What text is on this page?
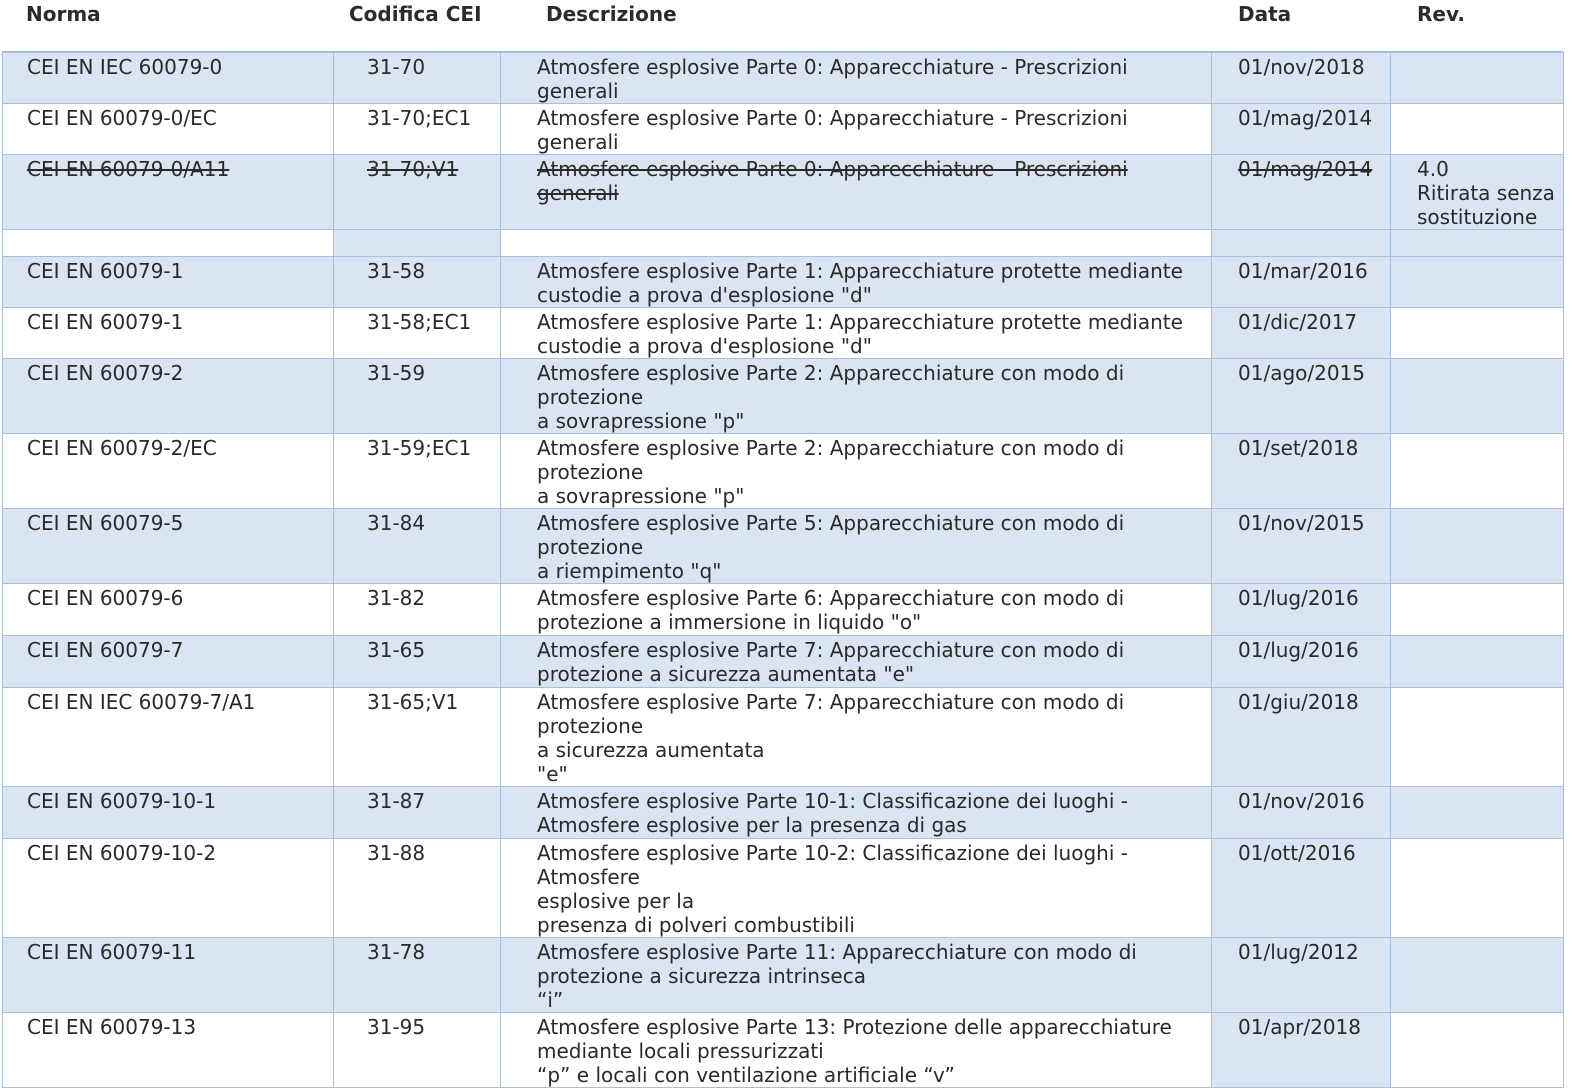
Norma	Codifica CEI	Descrizione	Data	Rev.
CEI EN IEC 60079-0	31-70	Atmosfere esplosive Parte 0: Apparecchiature - Prescrizioni generali	01/nov/2018	

CEI EN 60079-0/EC	31-70;EC1	Atmosfere esplosive Parte 0: Apparecchiature - Prescrizioni generali	01/mag/2014	

CEI EN 60079-0/A11	31-70;V1	Atmosfere esplosive Parte 0: Apparecchiature - Prescrizioni generali	01/mag/2014	4.0
Ritirata senza
sostituzione

CEI EN 60079-1	31-58	Atmosfere esplosive Parte 1: Apparecchiature protette mediante
custodie a prova d'esplosione "d"	01/mar/2016	

CEI EN 60079-1	31-58;EC1	Atmosfere esplosive Parte 1: Apparecchiature protette mediante
custodie a prova d'esplosione "d"	01/dic/2017	

CEI EN 60079-2	31-59	Atmosfere esplosive Parte 2: Apparecchiature con modo di protezione
a sovrapressione "p"	01/ago/2015	

CEI EN 60079-2/EC	31-59;EC1	Atmosfere esplosive Parte 2: Apparecchiature con modo di protezione
a sovrapressione "p"	01/set/2018	

CEI EN 60079-5	31-84	Atmosfere esplosive Parte 5: Apparecchiature con modo di protezione
a riempimento "q"	01/nov/2015	

CEI EN 60079-6	31-82	Atmosfere esplosive Parte 6: Apparecchiature con modo di
protezione a immersione in liquido "o"	01/lug/2016	

CEI EN 60079-7	31-65	Atmosfere esplosive Parte 7: Apparecchiature con modo di
protezione a sicurezza aumentata "e"	01/lug/2016	

CEI EN IEC 60079-7/A1	31-65;V1	Atmosfere esplosive Parte 7: Apparecchiature con modo di protezione
a sicurezza aumentata
"e"	01/giu/2018	

CEI EN 60079-10-1	31-87	Atmosfere esplosive Parte 10-1: Classificazione dei luoghi -
Atmosfere esplosive per la presenza di gas	01/nov/2016	

CEI EN 60079-10-2	31-88	Atmosfere esplosive Parte 10-2: Classificazione dei luoghi - Atmosfere
esplosive per la
presenza di polveri combustibili	01/ott/2016	

CEI EN 60079-11	31-78	Atmosfere esplosive Parte 11: Apparecchiature con modo di
protezione a sicurezza intrinseca
“i”	01/lug/2012	

CEI EN 60079-13	31-95	Atmosfere esplosive Parte 13: Protezione delle apparecchiature
mediante locali pressurizzati
“p” e locali con ventilazione artificiale “v”	01/apr/2018	
